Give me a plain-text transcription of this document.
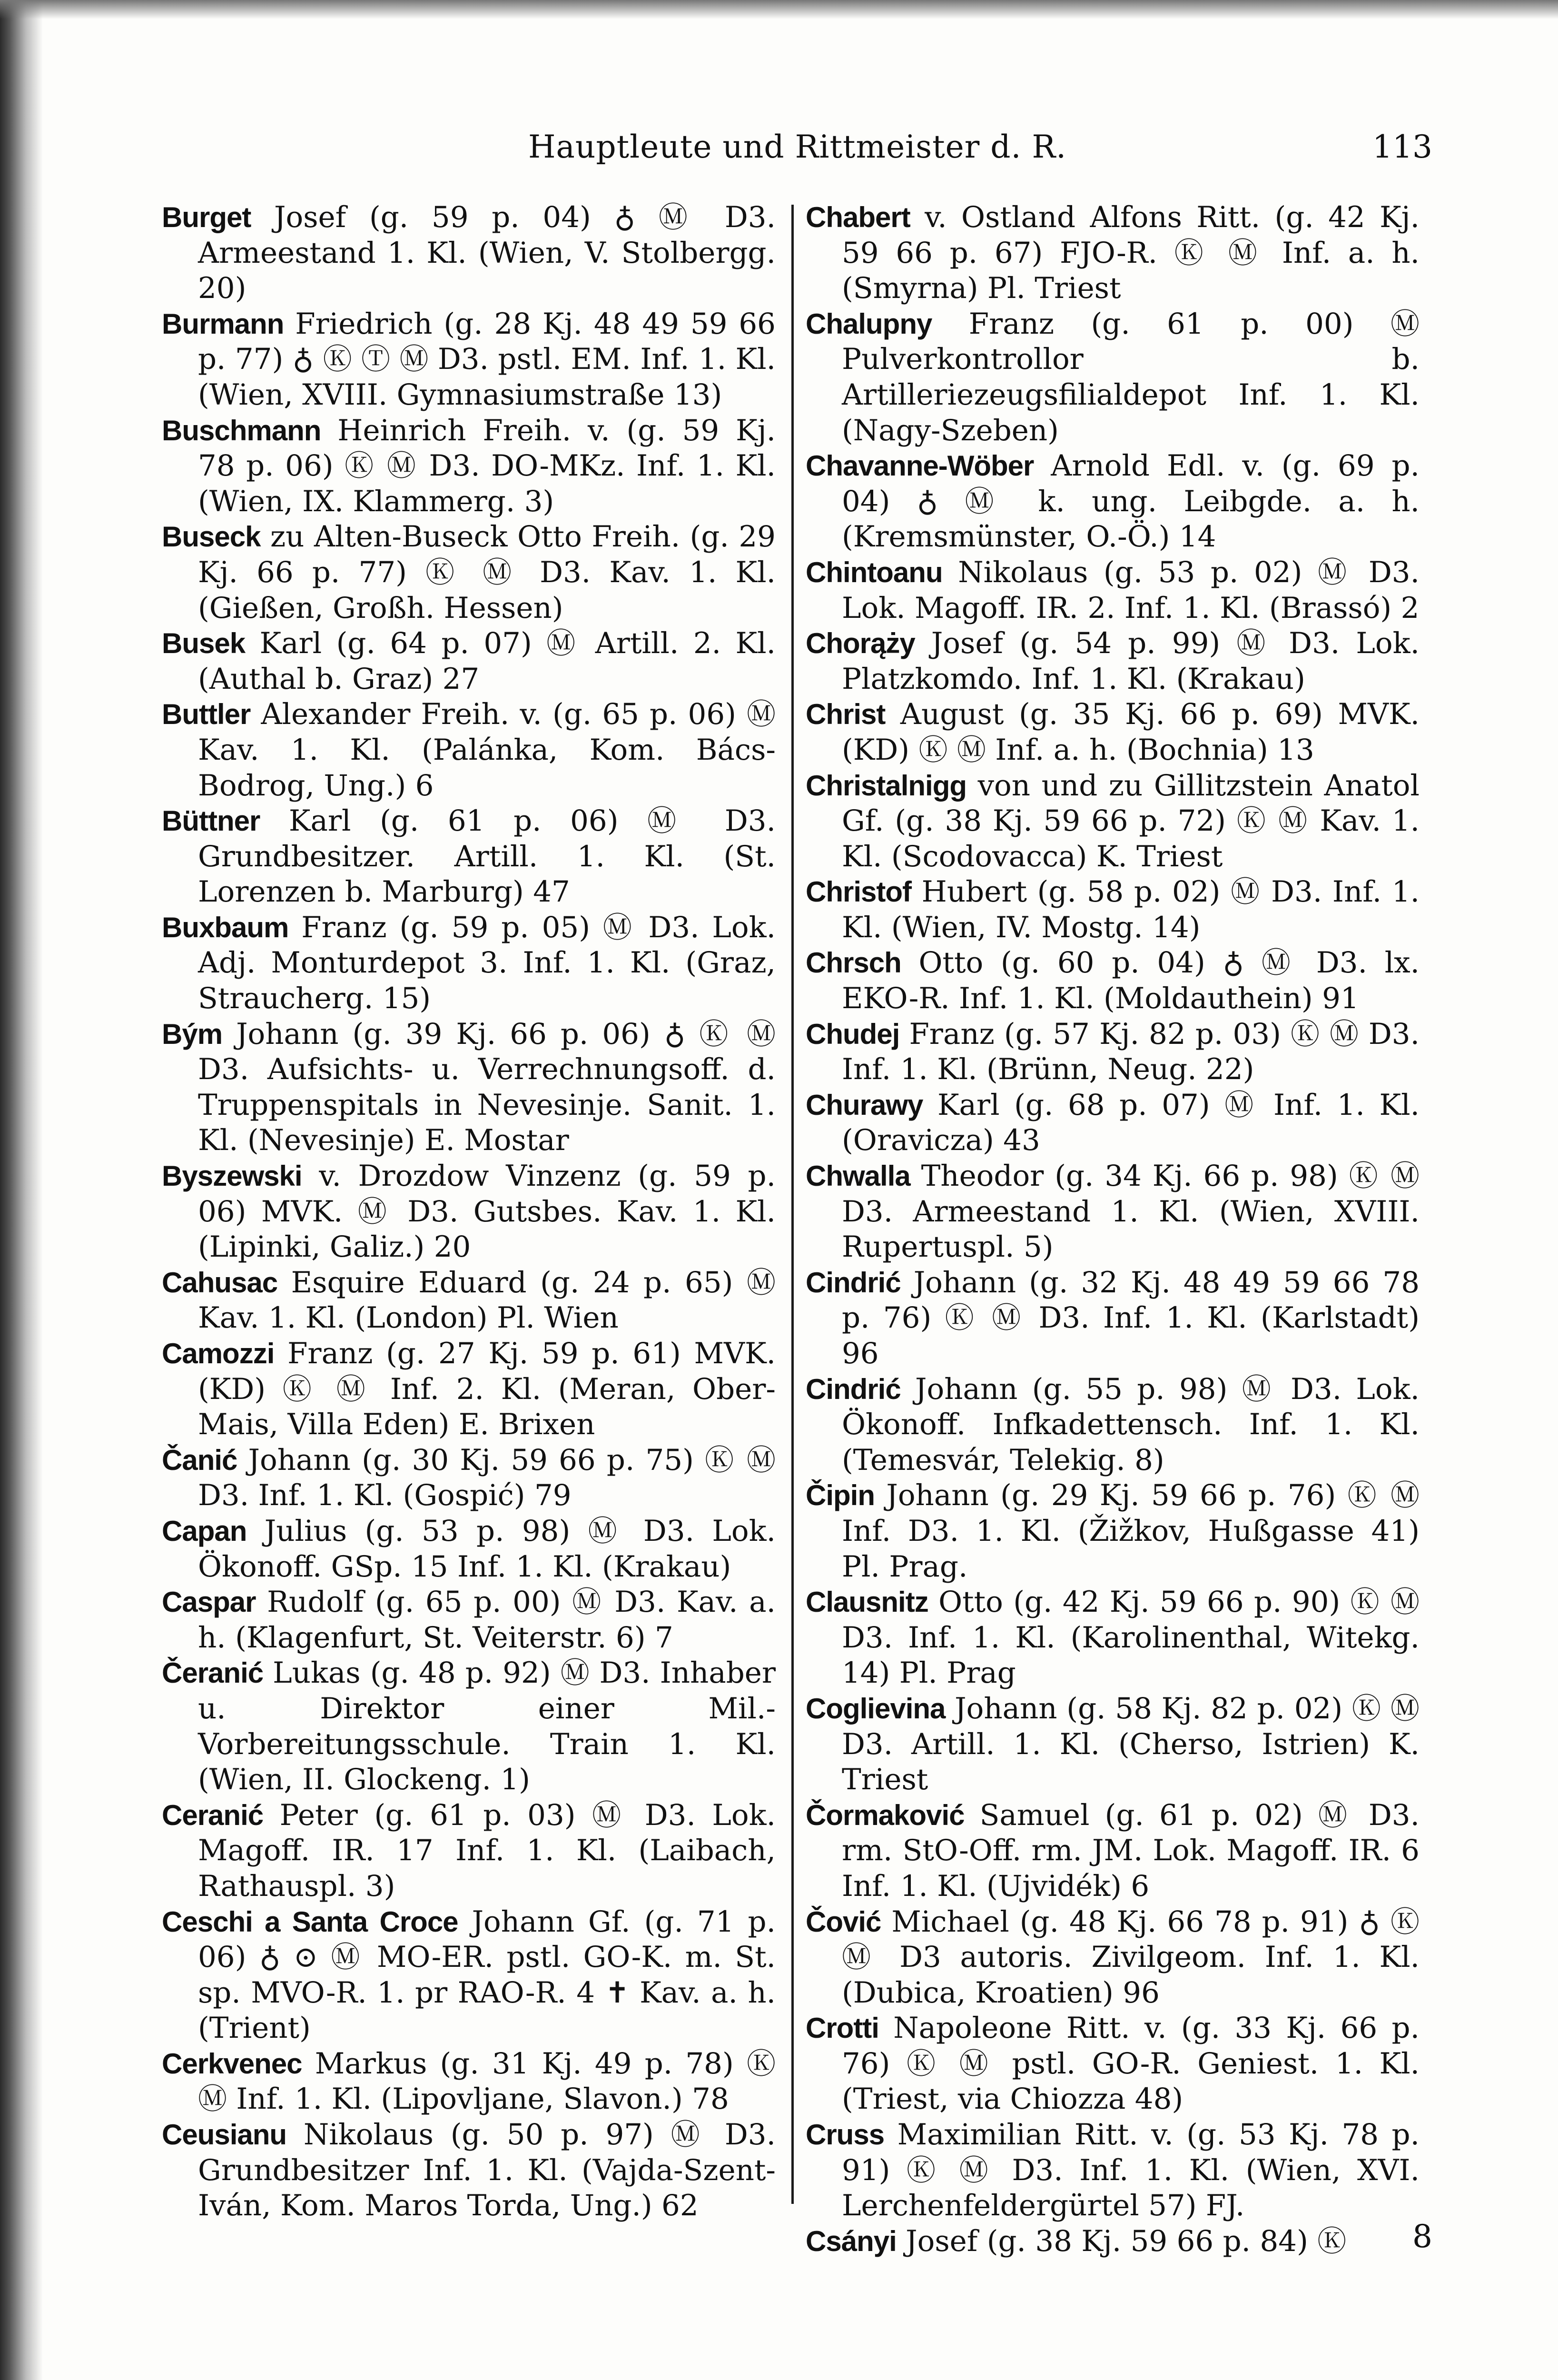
Hauptleute und Rittmeister d. R.	113

Burget Josef (g. 59 p. 04) ♁ Ⓜ D3. Armeestand 1. Kl. (Wien, V. Stolbergg. 20)

Burmann Friedrich (g. 28 Kj. 48 49 59 66 p. 77) ♁ Ⓚ Ⓣ Ⓜ D3. pstl. EM. Inf. 1. Kl. (Wien, XVIII. Gymnasiumstraße 13)

Buschmann Heinrich Freih. v. (g. 59 Kj. 78 p. 06) Ⓚ Ⓜ D3. DO-MKz. Inf. 1. Kl. (Wien, IX. Klammerg. 3)

Buseck zu Alten-Buseck Otto Freih. (g. 29 Kj. 66 p. 77) Ⓚ Ⓜ D3. Kav. 1. Kl. (Gießen, Großh. Hessen)

Busek Karl (g. 64 p. 07) Ⓜ Artill. 2. Kl. (Authal b. Graz) 27

Buttler Alexander Freih. v. (g. 65 p. 06) Ⓜ Kav. 1. Kl. (Palánka, Kom. Bács-Bodrog, Ung.) 6

Büttner Karl (g. 61 p. 06) Ⓜ D3. Grundbesitzer. Artill. 1. Kl. (St. Lorenzen b. Marburg) 47

Buxbaum Franz (g. 59 p. 05) Ⓜ D3. Lok. Adj. Monturdepot 3. Inf. 1. Kl. (Graz, Straucherg. 15)

Bým Johann (g. 39 Kj. 66 p. 06) ♁ Ⓚ Ⓜ D3. Aufsichts- u. Verrechnungsoff. d. Truppenspitals in Nevesinje. Sanit. 1. Kl. (Nevesinje) E. Mostar

Byszewski v. Drozdow Vinzenz (g. 59 p. 06) MVK. Ⓜ D3. Gutsbes. Kav. 1. Kl. (Lipinki, Galiz.) 20

Cahusac Esquire Eduard (g. 24 p. 65) Ⓜ Kav. 1. Kl. (London) Pl. Wien

Camozzi Franz (g. 27 Kj. 59 p. 61) MVK. (KD) Ⓚ Ⓜ Inf. 2. Kl. (Meran, Ober-Mais, Villa Eden) E. Brixen

Čanić Johann (g. 30 Kj. 59 66 p. 75) Ⓚ Ⓜ D3. Inf. 1. Kl. (Gospić) 79

Capan Julius (g. 53 p. 98) Ⓜ D3. Lok. Ökonoff. GSp. 15 Inf. 1. Kl. (Krakau)

Caspar Rudolf (g. 65 p. 00) Ⓜ D3. Kav. a. h. (Klagenfurt, St. Veiterstr. 6) 7

Čeranić Lukas (g. 48 p. 92) Ⓜ D3. Inhaber u. Direktor einer Mil.-Vorbereitungsschule. Train 1. Kl. (Wien, II. Glockeng. 1)

Ceranić Peter (g. 61 p. 03) Ⓜ D3. Lok. Magoff. IR. 17 Inf. 1. Kl. (Laibach, Rathauspl. 3)

Ceschi a Santa Croce Johann Gf. (g. 71 p. 06) ♁ ⊙ Ⓜ MO-ER. pstl. GO-K. m. St. sp. MVO-R. 1. pr RAO-R. 4 ✝ Kav. a. h. (Trient)

Cerkvenec Markus (g. 31 Kj. 49 p. 78) Ⓚ Ⓜ Inf. 1. Kl. (Lipovljane, Slavon.) 78

Ceusianu Nikolaus (g. 50 p. 97) Ⓜ D3. Grundbesitzer Inf. 1. Kl. (Vajda-Szent-Iván, Kom. Maros Torda, Ung.) 62

Chabert v. Ostland Alfons Ritt. (g. 42 Kj. 59 66 p. 67) FJO-R. Ⓚ Ⓜ Inf. a. h. (Smyrna) Pl. Triest

Chalupny Franz (g. 61 p. 00) Ⓜ Pulverkontrollor b. Artilleriezeugsfilialdepot Inf. 1. Kl. (Nagy-Szeben)

Chavanne-Wöber Arnold Edl. v. (g. 69 p. 04) ♁ Ⓜ k. ung. Leibgde. a. h. (Kremsmünster, O.-Ö.) 14

Chintoanu Nikolaus (g. 53 p. 02) Ⓜ D3. Lok. Magoff. IR. 2. Inf. 1. Kl. (Brassó) 2

Chorąży Josef (g. 54 p. 99) Ⓜ D3. Lok. Platzkomdo. Inf. 1. Kl. (Krakau)

Christ August (g. 35 Kj. 66 p. 69) MVK. (KD) Ⓚ Ⓜ Inf. a. h. (Bochnia) 13

Christalnigg von und zu Gillitzstein Anatol Gf. (g. 38 Kj. 59 66 p. 72) Ⓚ Ⓜ Kav. 1. Kl. (Scodovacca) K. Triest

Christof Hubert (g. 58 p. 02) Ⓜ D3. Inf. 1. Kl. (Wien, IV. Mostg. 14)

Chrsch Otto (g. 60 p. 04) ♁ Ⓜ D3. lx. EKO-R. Inf. 1. Kl. (Moldauthein) 91

Chudej Franz (g. 57 Kj. 82 p. 03) Ⓚ Ⓜ D3. Inf. 1. Kl. (Brünn, Neug. 22)

Churawy Karl (g. 68 p. 07) Ⓜ Inf. 1. Kl. (Oravicza) 43

Chwalla Theodor (g. 34 Kj. 66 p. 98) Ⓚ Ⓜ D3. Armeestand 1. Kl. (Wien, XVIII. Rupertuspl. 5)

Cindrić Johann (g. 32 Kj. 48 49 59 66 78 p. 76) Ⓚ Ⓜ D3. Inf. 1. Kl. (Karlstadt) 96

Cindrić Johann (g. 55 p. 98) Ⓜ D3. Lok. Ökonoff. Infkadettensch. Inf. 1. Kl. (Temesvár, Telekig. 8)

Čipin Johann (g. 29 Kj. 59 66 p. 76) Ⓚ Ⓜ Inf. D3. 1. Kl. (Žižkov, Hußgasse 41) Pl. Prag.

Clausnitz Otto (g. 42 Kj. 59 66 p. 90) Ⓚ Ⓜ D3. Inf. 1. Kl. (Karolinenthal, Witekg. 14) Pl. Prag

Coglievina Johann (g. 58 Kj. 82 p. 02) Ⓚ Ⓜ D3. Artill. 1. Kl. (Cherso, Istrien) K. Triest

Čormaković Samuel (g. 61 p. 02) Ⓜ D3. rm. StO-Off. rm. JM. Lok. Magoff. IR. 6 Inf. 1. Kl. (Ujvidék) 6

Čović Michael (g. 48 Kj. 66 78 p. 91) ♁ Ⓚ Ⓜ D3 autoris. Zivilgeom. Inf. 1. Kl. (Dubica, Kroatien) 96

Crotti Napoleone Ritt. v. (g. 33 Kj. 66 p. 76) Ⓚ Ⓜ pstl. GO-R. Geniest. 1. Kl. (Triest, via Chiozza 48)

Cruss Maximilian Ritt. v. (g. 53 Kj. 78 p. 91) Ⓚ Ⓜ D3. Inf. 1. Kl. (Wien, XVI. Lerchenfeldergürtel 57) FJ.

Csányi Josef (g. 38 Kj. 59 66 p. 84) Ⓚ	8
